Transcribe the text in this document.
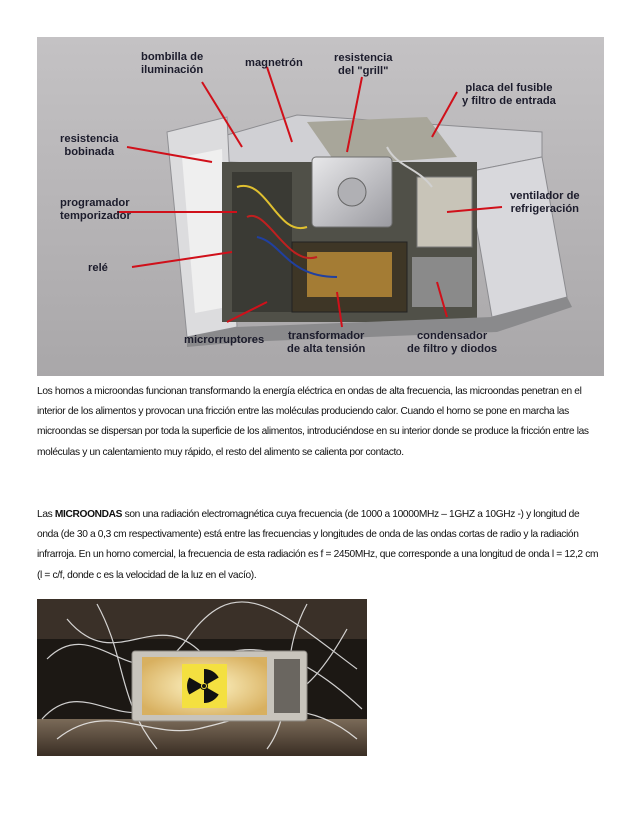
bombilla de
iluminación
magnetrón	resistencia
del "grill"
placa del fusible
y filtro de entrada
resistencia
bobinada
programador
temporizador
ventilador de
refrigeración
relé
microrruptores transformador
de alta tensión
condensador
de filtro y diodos
Los hornos a microondas funcionan transformando la energía eléctrica en ondas de alta frecuencia, las microondas penetran en el interior de los alimentos y provocan una fricción entre las moléculas produciendo calor. Cuando el horno se pone en marcha las microondas se dispersan por toda la superficie de los alimentos, introduciéndose en su interior donde se produce la fricción entre las moléculas y un calentamiento muy rápido, el resto del alimento se calienta por contacto.
Las MICROONDAS son una radiación electromagnética cuya frecuencia (de 1000 a 10000MHz – 1GHZ a 10GHz -) y longitud de onda (de 30 a 0,3 cm respectivamente) está entre las frecuencias y longitudes de onda de las ondas cortas de radio y la radiación infrarroja. En un horno comercial, la frecuencia de esta radiación es f = 2450MHz, que corresponde a una longitud de onda l = 12,2 cm (l = c/f, donde c es la velocidad de la luz en el vacío).
